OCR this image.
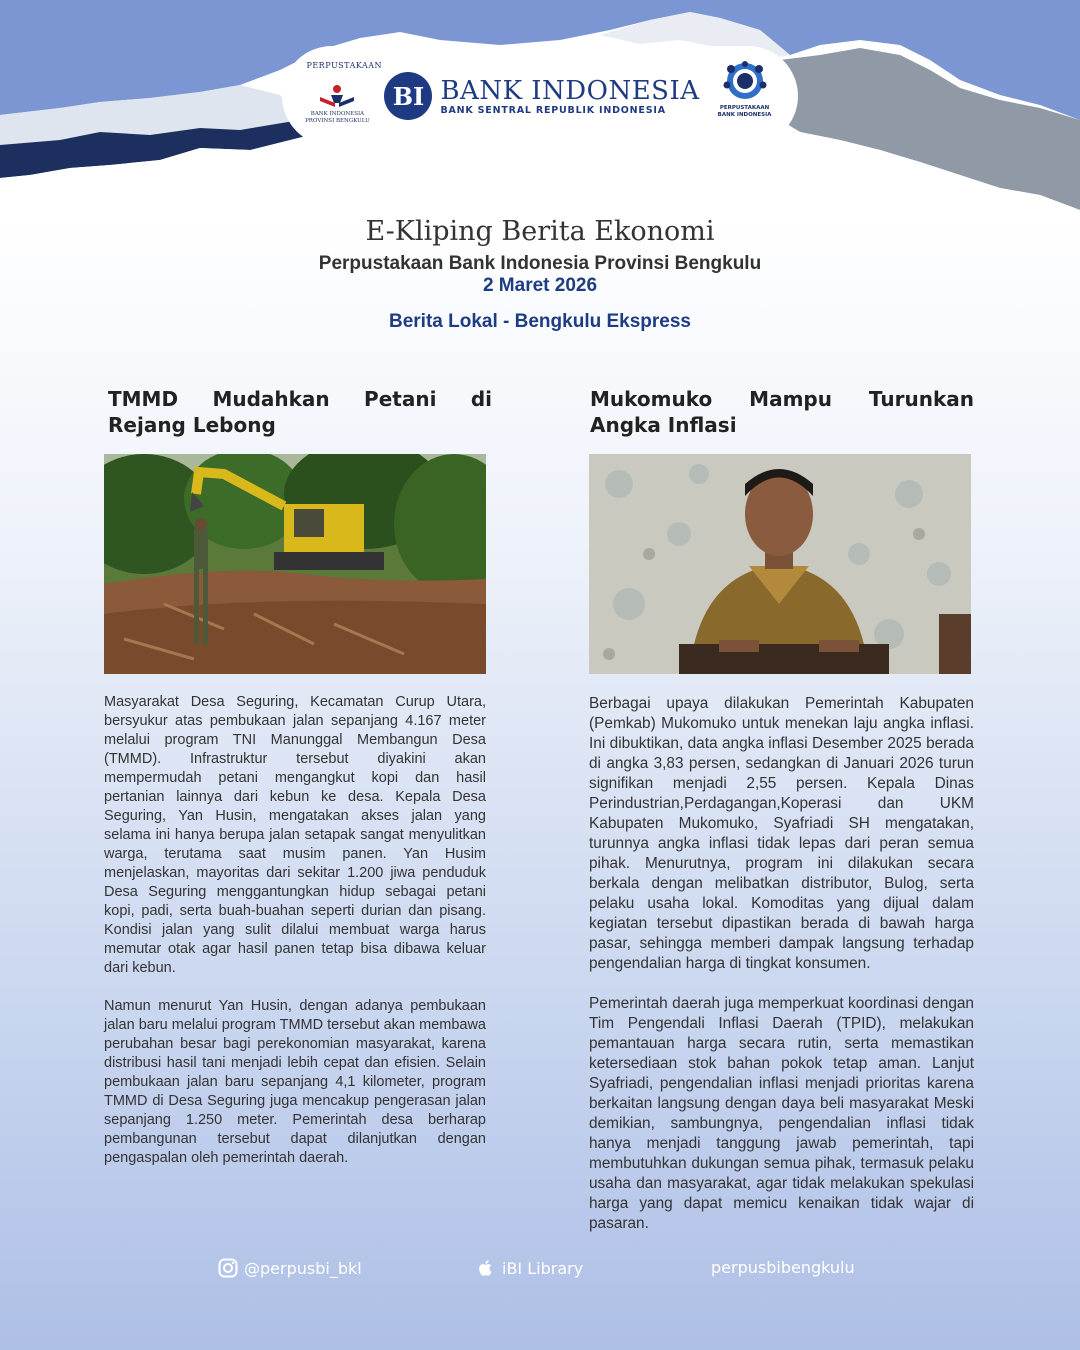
PERPUSTAKAAN
BANK INDONESIA
PROVINSI BENGKULU
BI BANK INDONESIA
BANK SENTRAL REPUBLIK INDONESIA	PERPUSTAKAAN
BANK INDONESIA
E-Kliping Berita Ekonomi
Perpustakaan Bank Indonesia Provinsi Bengkulu
2 Maret 2026
Berita Lokal - Bengkulu Ekspress
TMMD Mudahkan Petani di Rejang Lebong

Masyarakat Desa Seguring, Kecamatan Curup Utara, bersyukur atas pembukaan jalan sepanjang 4.167 meter melalui program TNI Manunggal Membangun Desa (TMMD). Infrastruktur tersebut diyakini akan mempermudah petani mengangkut kopi dan hasil pertanian lainnya dari kebun ke desa. Kepala Desa Seguring, Yan Husin, mengatakan akses jalan yang selama ini hanya berupa jalan setapak sangat menyulitkan warga, terutama saat musim panen. Yan Husim menjelaskan, mayoritas dari sekitar 1.200 jiwa penduduk Desa Seguring menggantungkan hidup sebagai petani kopi, padi, serta buah-buahan seperti durian dan pisang. Kondisi jalan yang sulit dilalui membuat warga harus memutar otak agar hasil panen tetap bisa dibawa keluar dari kebun.

Namun menurut Yan Husin, dengan adanya pembukaan jalan baru melalui program TMMD tersebut akan membawa perubahan besar bagi perekonomian masyarakat, karena distribusi hasil tani menjadi lebih cepat dan efisien. Selain pembukaan jalan baru sepanjang 4,1 kilometer, program TMMD di Desa Seguring juga mencakup pengerasan jalan sepanjang 1.250 meter. Pemerintah desa berharap pembangunan tersebut dapat dilanjutkan dengan pengaspalan oleh pemerintah daerah.

Mukomuko Mampu Turunkan Angka Inflasi

Berbagai upaya dilakukan Pemerintah Kabupaten (Pemkab) Mukomuko untuk menekan laju angka inflasi. Ini dibuktikan, data angka inflasi Desember 2025 berada di angka 3,83 persen, sedangkan di Januari 2026 turun signifikan menjadi 2,55 persen. Kepala Dinas Perindustrian,Perdagangan,Koperasi dan UKM Kabupaten Mukomuko, Syafriadi SH mengatakan, turunnya angka inflasi tidak lepas dari peran semua pihak. Menurutnya, program ini dilakukan secara berkala dengan melibatkan distributor, Bulog, serta pelaku usaha lokal. Komoditas yang dijual dalam kegiatan tersebut dipastikan berada di bawah harga pasar, sehingga memberi dampak langsung terhadap pengendalian harga di tingkat konsumen.

Pemerintah daerah juga memperkuat koordinasi dengan Tim Pengendali Inflasi Daerah (TPID), melakukan pemantauan harga secara rutin, serta memastikan ketersediaan stok bahan pokok tetap aman. Lanjut Syafriadi, pengendalian inflasi menjadi prioritas karena berkaitan langsung dengan daya beli masyarakat Meski demikian, sambungnya, pengendalian inflasi tidak hanya menjadi tanggung jawab pemerintah, tapi membutuhkan dukungan semua pihak, termasuk pelaku usaha dan masyarakat, agar tidak melakukan spekulasi harga yang dapat memicu kenaikan tidak wajar di pasaran.

@perpusbi_bkl	iBI Library	perpusbibengkulu
